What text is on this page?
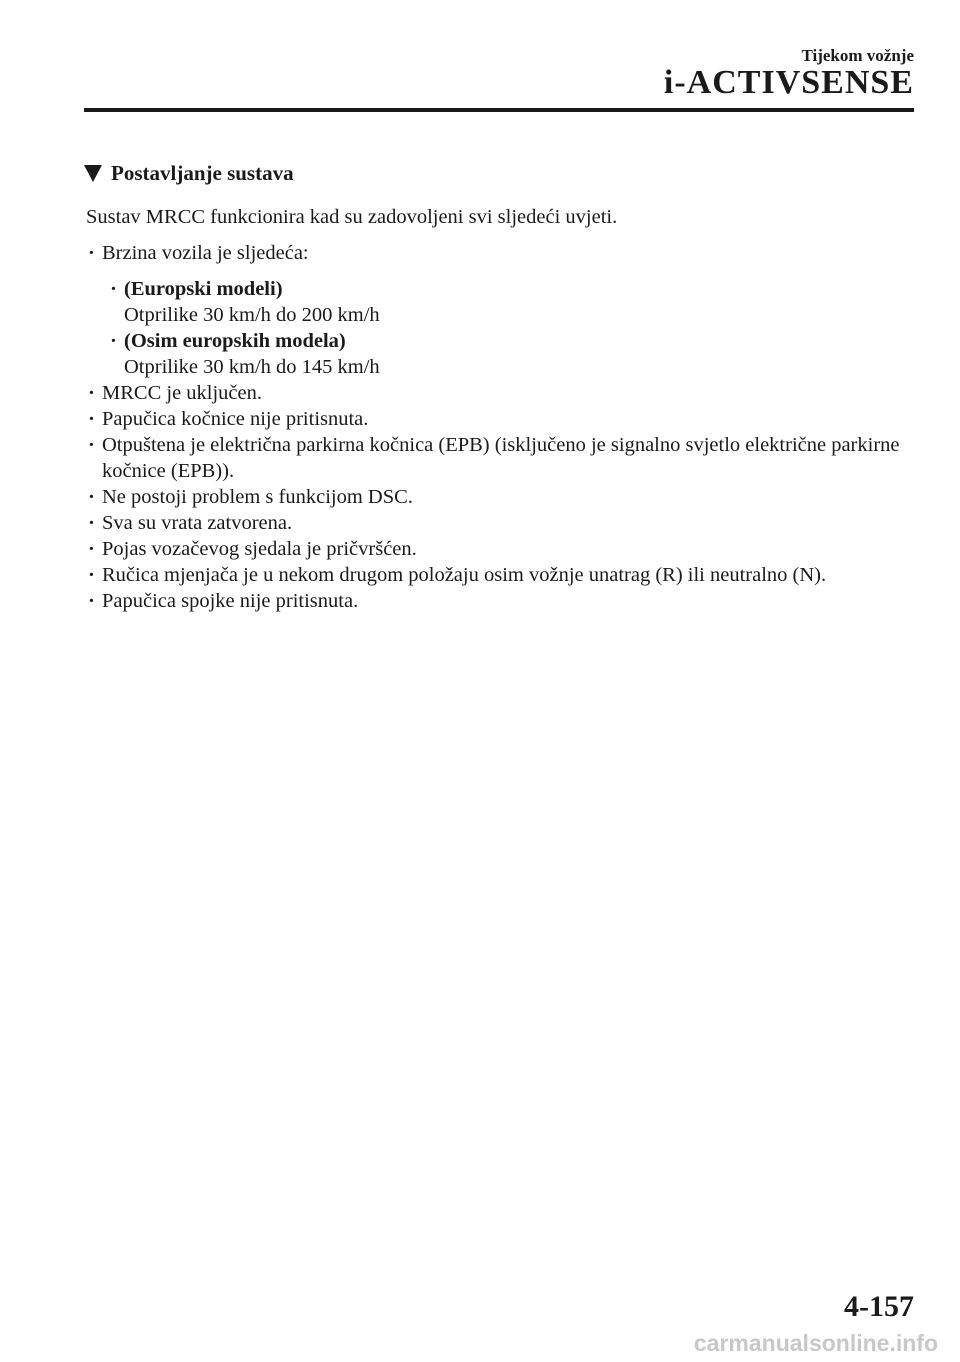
Tijekom vožnje
i-ACTIVSENSE
Postavljanje sustava
Sustav MRCC funkcionira kad su zadovoljeni svi sljedeći uvjeti.
· Brzina vozila je sljedeća:
· (Europski modeli)
Otprilike 30 km/h do 200 km/h
· (Osim europskih modela)
Otprilike 30 km/h do 145 km/h
· MRCC je uključen.
· Papučica kočnice nije pritisnuta.
· Otpuštena je električna parkirna kočnica (EPB) (isključeno je signalno svjetlo električne parkirne kočnice (EPB)).
· Ne postoji problem s funkcijom DSC.
· Sva su vrata zatvorena.
· Pojas vozačevog sjedala je pričvršćen.
· Ručica mjenjača je u nekom drugom položaju osim vožnje unatrag (R) ili neutralno (N).
· Papučica spojke nije pritisnuta.
4-157
carmanualsonline.info
